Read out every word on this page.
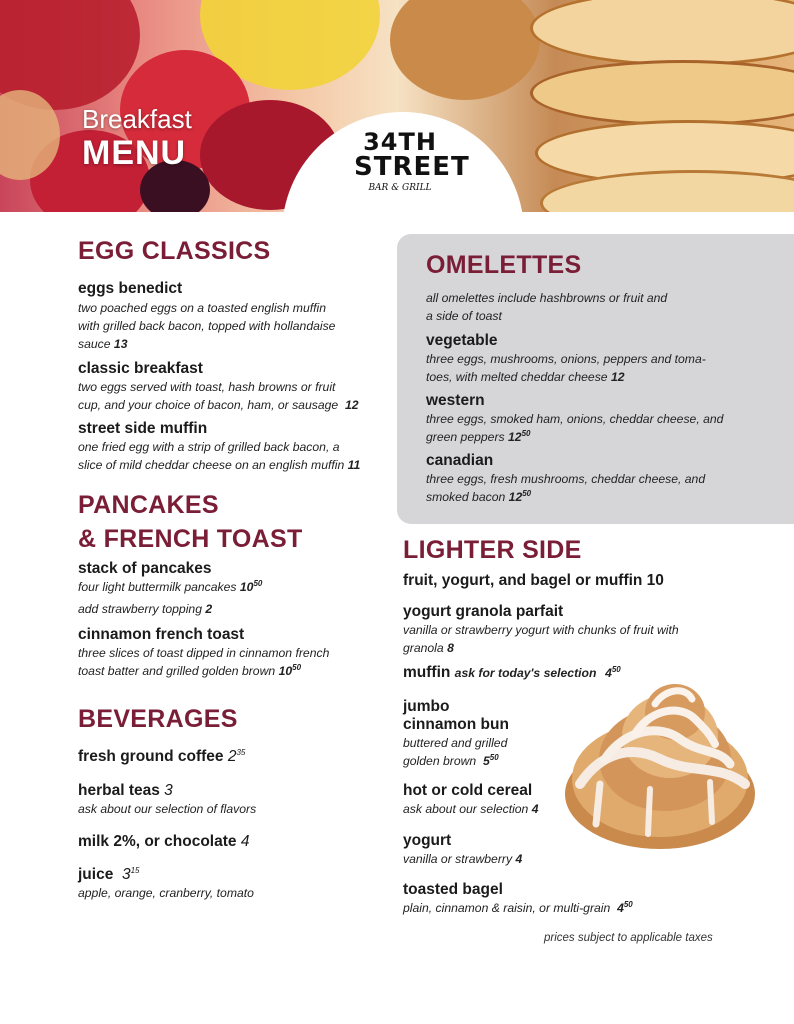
Breakfast
MENU	34TH
STREET
BAR & GRILL
EGG CLASSICS
eggs benedict
two poached eggs on a toasted english muffin
with grilled back bacon, topped with hollandaise
sauce 13
classic breakfast
two eggs served with toast, hash browns or fruit
cup, and your choice of bacon, ham, or sausage 12
street side muffin
one fried egg with a strip of grilled back bacon, a
slice of mild cheddar cheese on an english muffin 11
PANCAKES
& FRENCH TOAST
stack of pancakes
four light buttermilk pancakes $10^{50}$
add strawberry topping 2
cinnamon french toast
three slices of toast dipped in cinnamon french
toast batter and grilled golden brown $10^{50}$
BEVERAGES
fresh ground coffee $2^{35}$
herbal teas 3
ask about our selection of flavors
milk 2%, or chocolate 4
juice $3^{15}$
apple, orange, cranberry, tomato
OMELETTES
all omelettes include hashbrowns or fruit and
a side of toast
vegetable
three eggs, mushrooms, onions, peppers and toma-
toes, with melted cheddar cheese 12
western
three eggs, smoked ham, onions, cheddar cheese, and
green peppers $12^{50}$
canadian
three eggs, fresh mushrooms, cheddar cheese, and
smoked bacon $12^{50}$
LIGHTER SIDE
fruit, yogurt, and bagel or muffin 10
yogurt granola parfait
vanilla or strawberry yogurt with chunks of fruit with
granola 8
muffin ask for today's selection $4^{50}$
jumbo
cinnamon bun
buttered and grilled
golden brown $5^{50}$
hot or cold cereal
ask about our selection 4
yogurt
vanilla or strawberry 4
toasted bagel
plain, cinnamon & raisin, or multi-grain $4^{50}$
prices subject to applicable taxes
